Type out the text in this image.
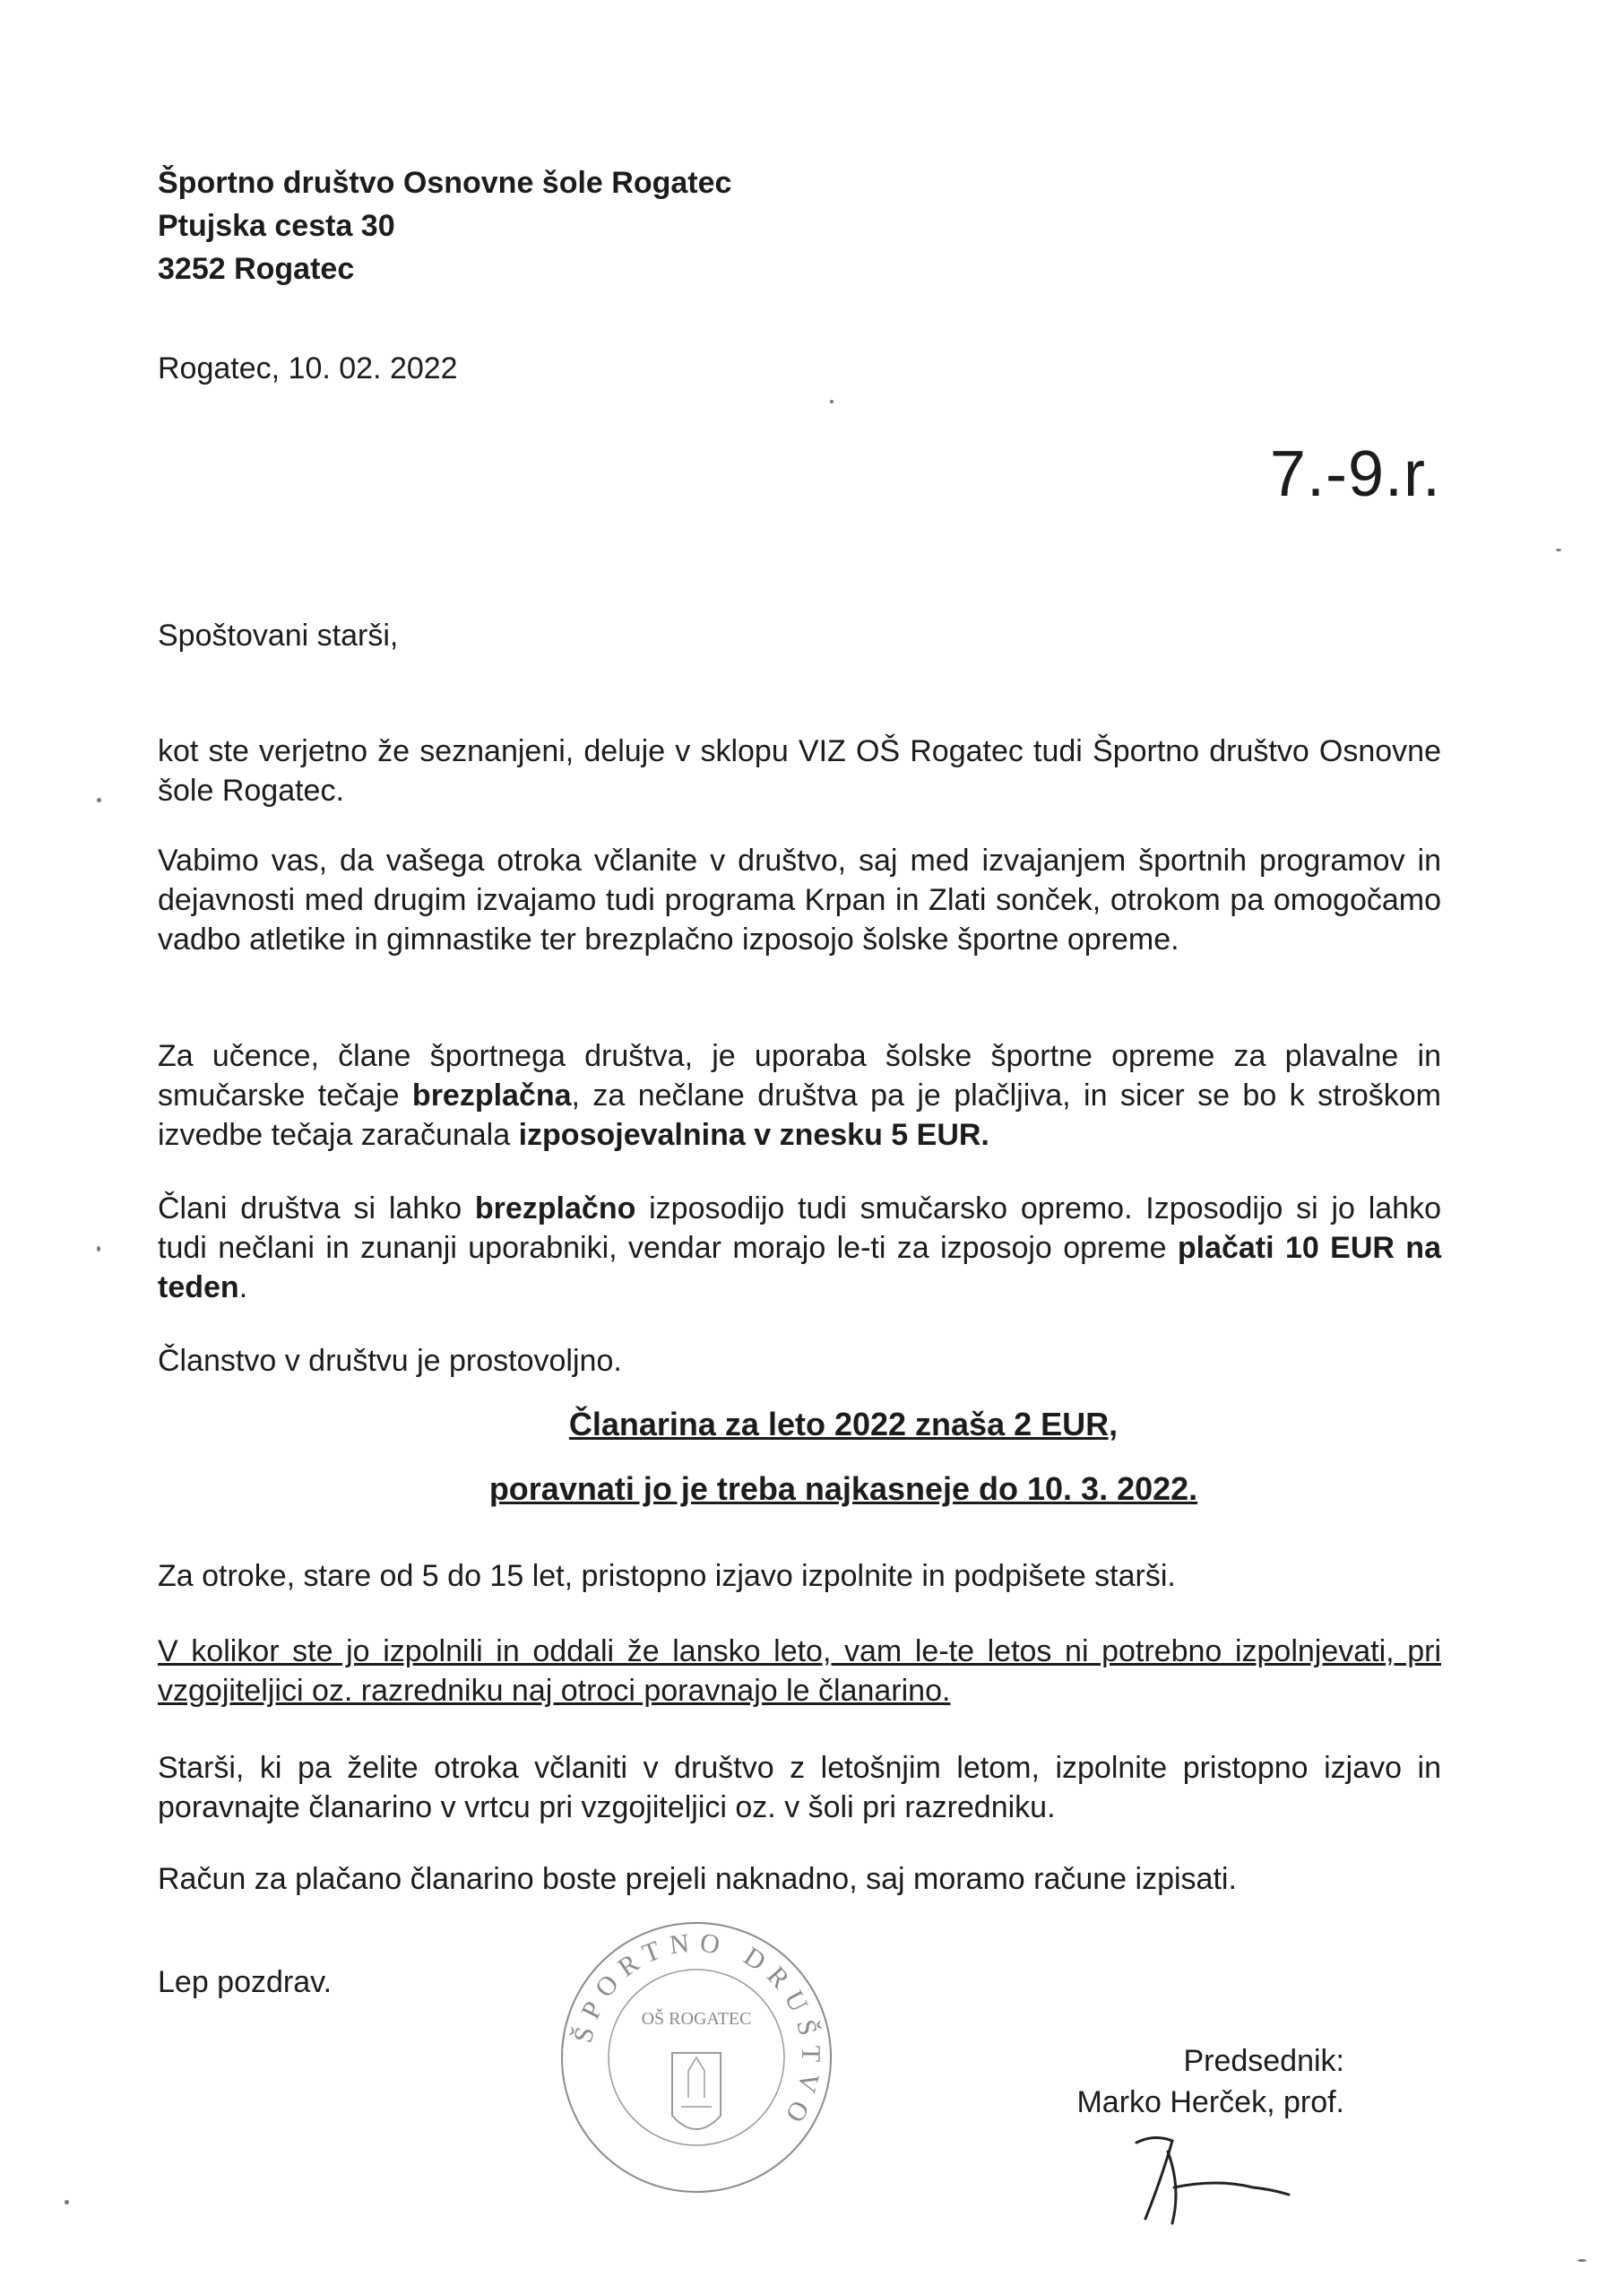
Športno društvo Osnovne šole Rogatec
Ptujska cesta 30
3252 Rogatec
Rogatec, 10. 02. 2022
7.-9.r.
Spoštovani starši,

kot ste verjetno že seznanjeni, deluje v sklopu VIZ OŠ Rogatec tudi Športno društvo Osnovne šole Rogatec.

Vabimo vas, da vašega otroka včlanite v društvo, saj med izvajanjem športnih programov in dejavnosti med drugim izvajamo tudi programa Krpan in Zlati sonček, otrokom pa omogočamo vadbo atletike in gimnastike ter brezplačno izposojo šolske športne opreme.

Za učence, člane športnega društva, je uporaba šolske športne opreme za plavalne in smučarske tečaje brezplačna, za nečlane društva pa je plačljiva, in sicer se bo k stroškom izvedbe tečaja zaračunala izposojevalnina v znesku 5 EUR.

Člani društva si lahko brezplačno izposodijo tudi smučarsko opremo. Izposodijo si jo lahko tudi nečlani in zunanji uporabniki, vendar morajo le-ti za izposojo opreme plačati 10 EUR na teden.

Članstvo v društvu je prostovoljno.

Članarina za leto 2022 znaša 2 EUR,
poravnati jo je treba najkasneje do 10. 3. 2022.

Za otroke, stare od 5 do 15 let, pristopno izjavo izpolnite in podpišete starši.

V kolikor ste jo izpolnili in oddali že lansko leto, vam le-te letos ni potrebno izpolnjevati, pri vzgojiteljici oz. razredniku naj otroci poravnajo le članarino.

Starši, ki pa želite otroka včlaniti v društvo z letošnjim letom, izpolnite pristopno izjavo in poravnajte članarino v vrtcu pri vzgojiteljici oz. v šoli pri razredniku.

Račun za plačano članarino boste prejeli naknadno, saj moramo račune izpisati.

Lep pozdrav.
ŠPORTNO DRUŠTVO
OŠ ROGATEC
Predsednik:
Marko Herček, prof.
